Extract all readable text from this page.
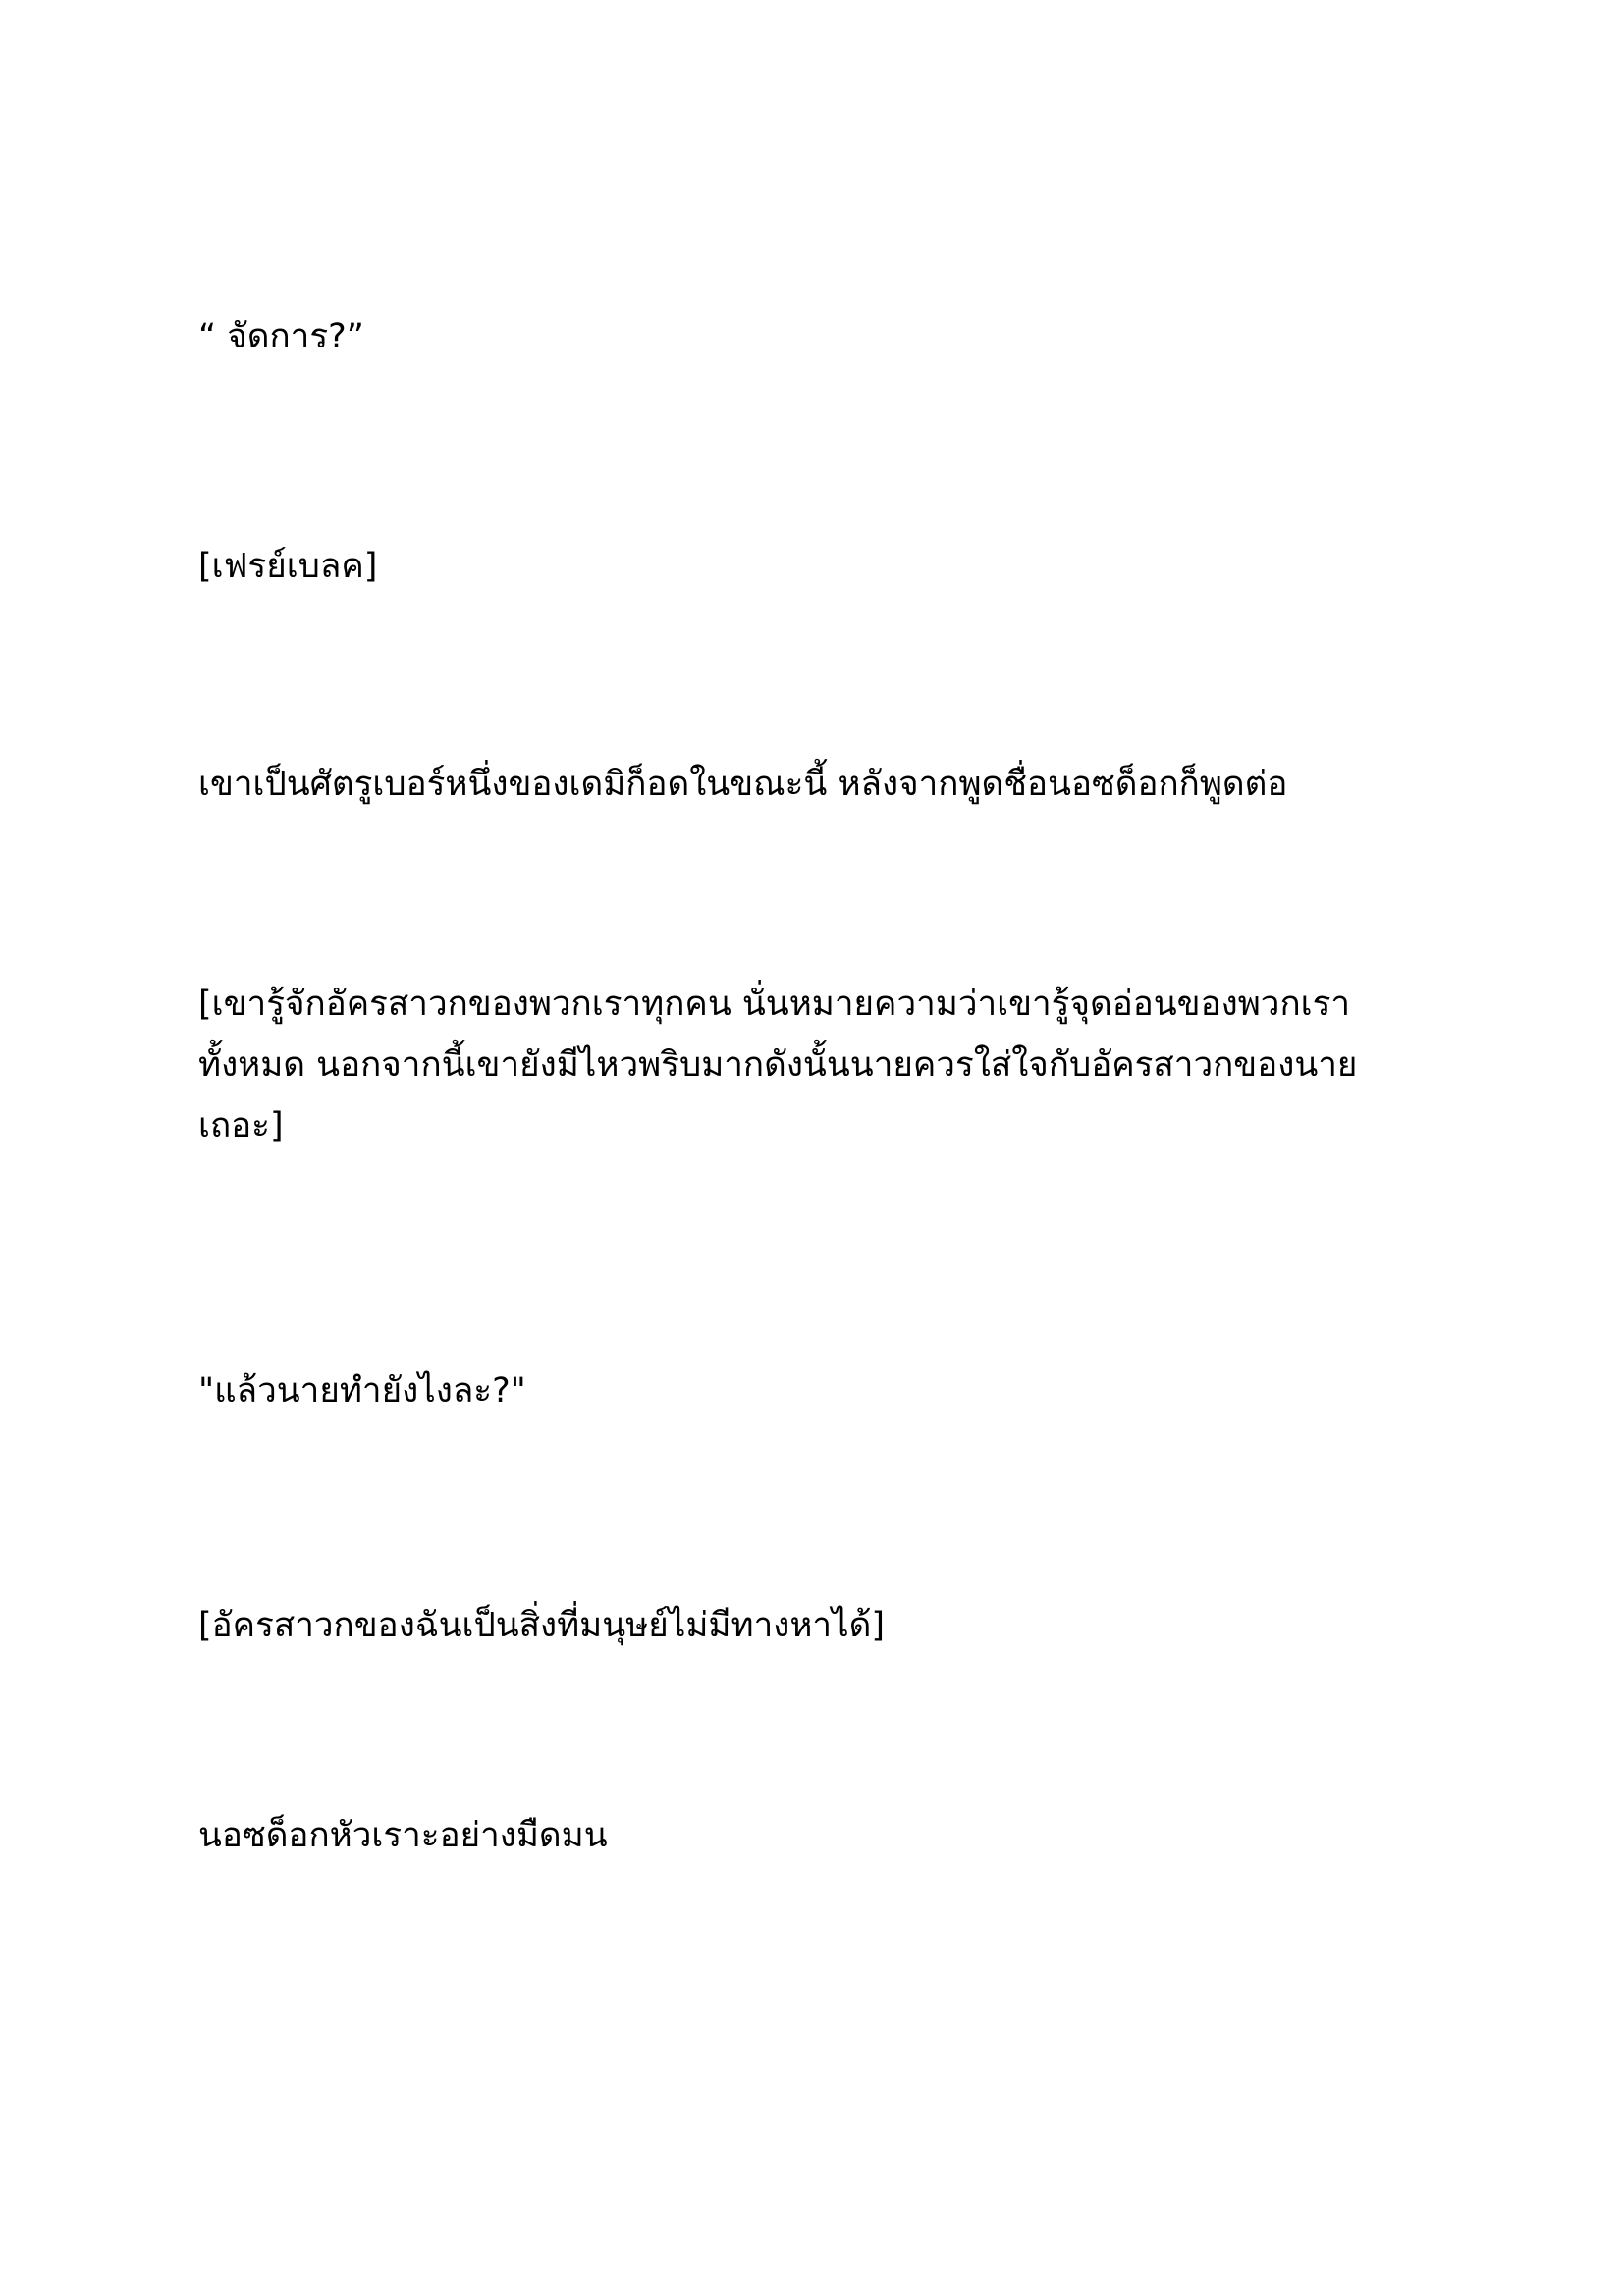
“ จัดการ?”

[เฟรย์เบลค]

เขาเป็นศัตรูเบอร์หนึ่งของเดมิก็อดในขณะนี้ หลังจากพูดชื่อนอซด็อกก็พูดต่อ

[เขารู้จักอัครสาวกของพวกเราทุกคน นั่นหมายความว่าเขารู้จุดอ่อนของพวกเรา
ทั้งหมด นอกจากนี้เขายังมีไหวพริบมากดังนั้นนายควรใส่ใจกับอัครสาวกของนาย
เถอะ]

"แล้วนายทำยังไงละ?"

[อัครสาวกของฉันเป็นสิ่งที่มนุษย์ไม่มีทางหาได้]

นอซด็อกหัวเราะอย่างมืดมน
